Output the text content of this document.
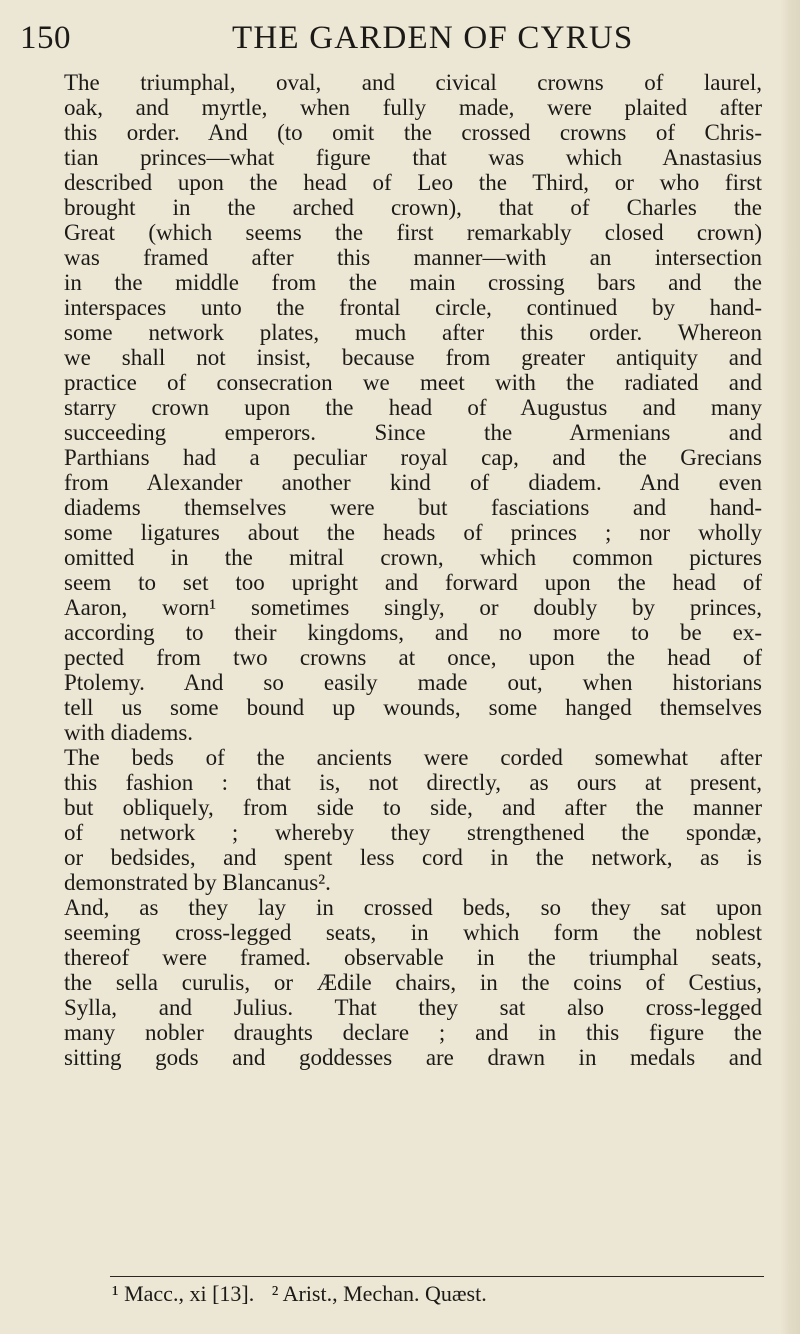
150	THE GARDEN OF CYRUS
The triumphal, oval, and civical crowns of laurel,
oak, and myrtle, when fully made, were plaited after
this order. And (to omit the crossed crowns of Chris-
tian princes—what figure that was which Anastasius
described upon the head of Leo the Third, or who first
brought in the arched crown), that of Charles the
Great (which seems the first remarkably closed crown)
was framed after this manner—with an intersection
in the middle from the main crossing bars and the
interspaces unto the frontal circle, continued by hand-
some network plates, much after this order. Whereon
we shall not insist, because from greater antiquity and
practice of consecration we meet with the radiated and
starry crown upon the head of Augustus and many
succeeding emperors. Since the Armenians and
Parthians had a peculiar royal cap, and the Grecians
from Alexander another kind of diadem. And even
diadems themselves were but fasciations and hand-
some ligatures about the heads of princes ; nor wholly
omitted in the mitral crown, which common pictures
seem to set too upright and forward upon the head of
Aaron, worn¹ sometimes singly, or doubly by princes,
according to their kingdoms, and no more to be ex-
pected from two crowns at once, upon the head of
Ptolemy. And so easily made out, when historians
tell us some bound up wounds, some hanged themselves
with diadems.
The beds of the ancients were corded somewhat after
this fashion : that is, not directly, as ours at present,
but obliquely, from side to side, and after the manner
of network ; whereby they strengthened the spondæ,
or bedsides, and spent less cord in the network, as is
demonstrated by Blancanus².
And, as they lay in crossed beds, so they sat upon
seeming cross-legged seats, in which form the noblest
thereof were framed. observable in the triumphal seats,
the sella curulis, or Ædile chairs, in the coins of Cestius,
Sylla, and Julius. That they sat also cross-legged
many nobler draughts declare ; and in this figure the
sitting gods and goddesses are drawn in medals and
¹ Macc., xi [13]. ² Arist., Mechan. Quæst.
